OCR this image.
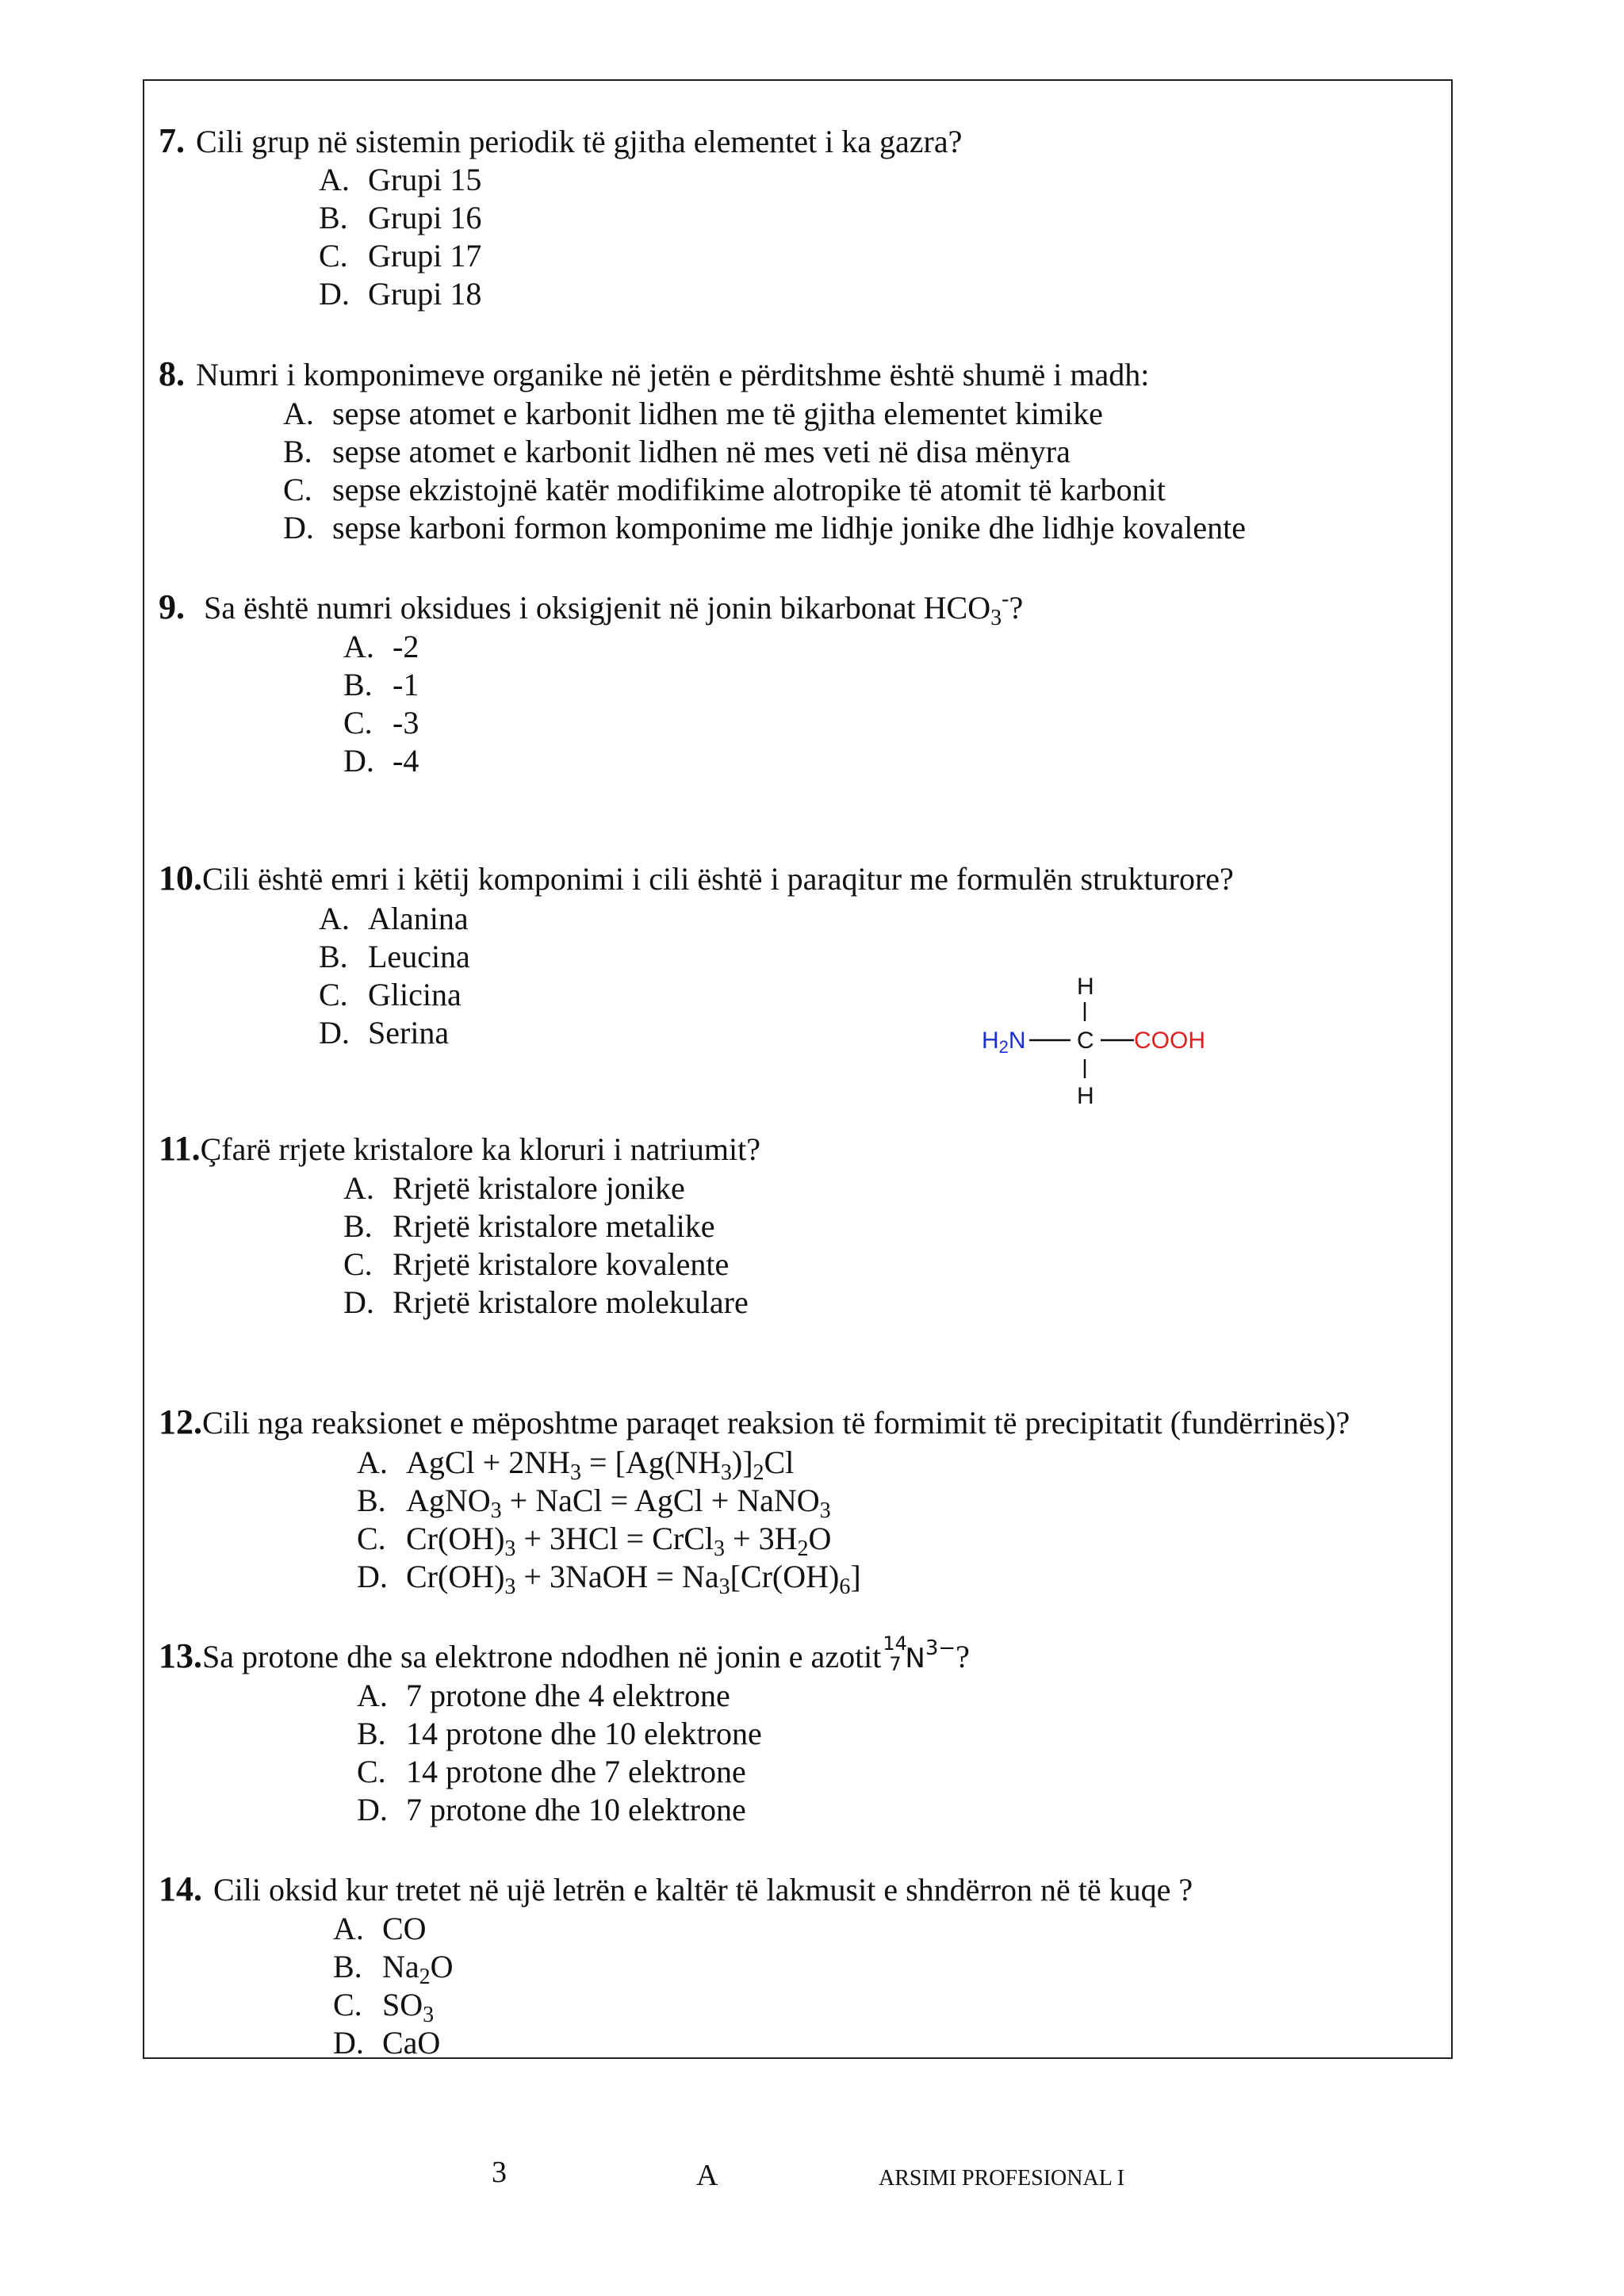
7. Cili grup në sistemin periodik të gjitha elementet i ka gazra?
A. Grupi 15
B. Grupi 16
C. Grupi 17
D. Grupi 18
8. Numri i komponimeve organike në jetën e përditshme është shumë i madh:
A. sepse atomet e karbonit lidhen me të gjitha elementet kimike
B. sepse atomet e karbonit lidhen në mes veti në disa mënyra
C. sepse ekzistojnë katër modifikime alotropike të atomit të karbonit
D. sepse karboni formon komponime me lidhje jonike dhe lidhje kovalente
9. Sa është numri oksidues i oksigjenit në jonin bikarbonat $HCO_3^-$?
A. -2
B. -1
C. -3
D. -4
10.Cili është emri i këtij komponimi i cili është i paraqitur me formulën strukturore?
A. Alanina
B. Leucina
C. Glicina
D. Serina
H
$H_2N$ C COOH
H
11.Çfarë rrjete kristalore ka kloruri i natriumit?
A. Rrjetë kristalore jonike
B. Rrjetë kristalore metalike
C. Rrjetë kristalore kovalente
D. Rrjetë kristalore molekulare
12.Cili nga reaksionet e mëposhtme paraqet reaksion të formimit të precipitatit (fundërrinës)?
A. AgCl + $2NH_3 = [Ag(NH_3)]_2Cl$
B. AgNO$_3$ + NaCl = AgCl + NaNO$_3$
C. $Cr(OH)_3 + 3HCl$ = CrCl$_3$ + $3H_2O$
D. $Cr(OH)_3$ + 3NaOH = $Na_3[Cr(OH)_6]$
13.Sa protone dhe sa elektrone ndodhen në jonin e azotit 14
7 $N^{3-}$?
A. 7 protone dhe 4 elektrone
B. 14 protone dhe 10 elektrone
C. 14 protone dhe 7 elektrone
D. 7 protone dhe 10 elektrone
14. Cili oksid kur tretet në ujë letrën e kaltër të lakmusit e shndërron në të kuqe ?
A. CO
B. $Na_2O$
C. $SO_3$
D. CaO
3	A	ARSIMI PROFESIONAL I
